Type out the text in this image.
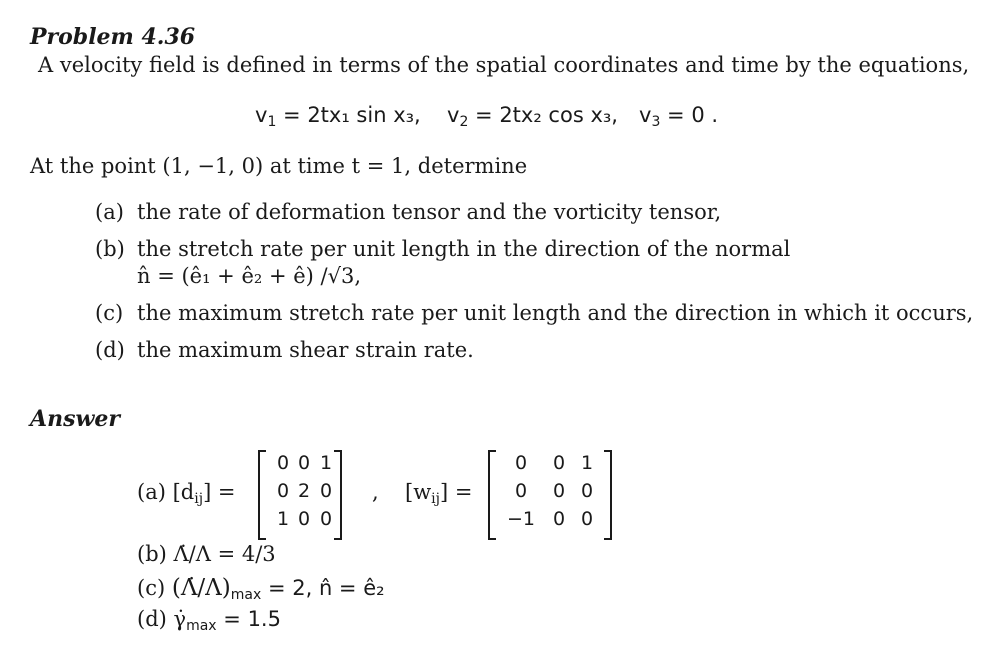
Problem 4.36
A velocity field is defined in terms of the spatial coordinates and time by the equations,
$v_1 = 2tx_1$ sin x₃, $v_2 = 2tx_2$ cos x₃, $v_3 = 0$ .
At the point (1, −1, 0) at time t = 1, determine
(a) the rate of deformation tensor and the vorticity tensor,
(b) the stretch rate per unit length in the direction of the normal
n̂ = (ê₁ + ê₂ + ê) /√3,
(c) the maximum stretch rate per unit length and the direction in which it occurs,
(d) the maximum shear strain rate.
Answer
(a) $[d_{ij}]$ =
0 0 1
0 2 0
1 0 0
, $[w_{ij}]$ =
0	0 1
0	0 0
−1 0 0
(b) Λ̇/Λ = 4/3
(c) $(\Lambdȧ/\Lambda)_{max} = 2$, n̂ = ê₂
(d) $\gammȧ_{max} = 1.5$
